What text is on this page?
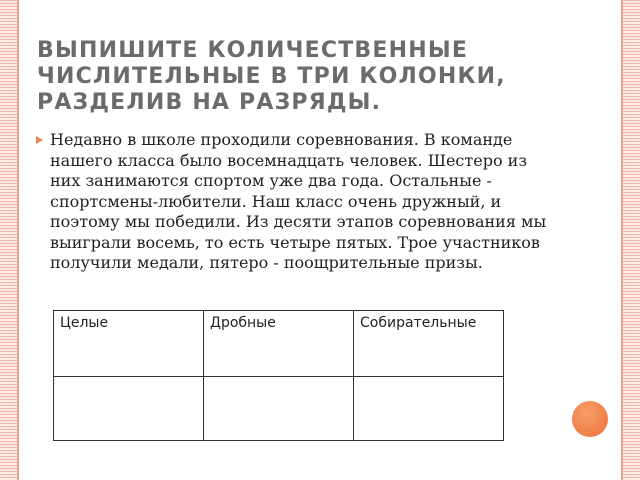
ВЫПИШИТЕ КОЛИЧЕСТВЕННЫЕ ЧИСЛИТЕЛЬНЫЕ В ТРИ КОЛОНКИ, РАЗДЕЛИВ НА РАЗРЯДЫ.
Недавно в школе проходили соревнования. В команде нашего класса было восемнадцать человек. Шестеро из них занимаются спортом уже два года. Остальные - спортсмены-любители. Наш класс очень дружный, и поэтому мы победили. Из десяти этапов соревнования мы выиграли восемь, то есть четыре пятых. Трое участников получили медали, пятеро - поощрительные призы.
Целые	Дробные	Собирательные
